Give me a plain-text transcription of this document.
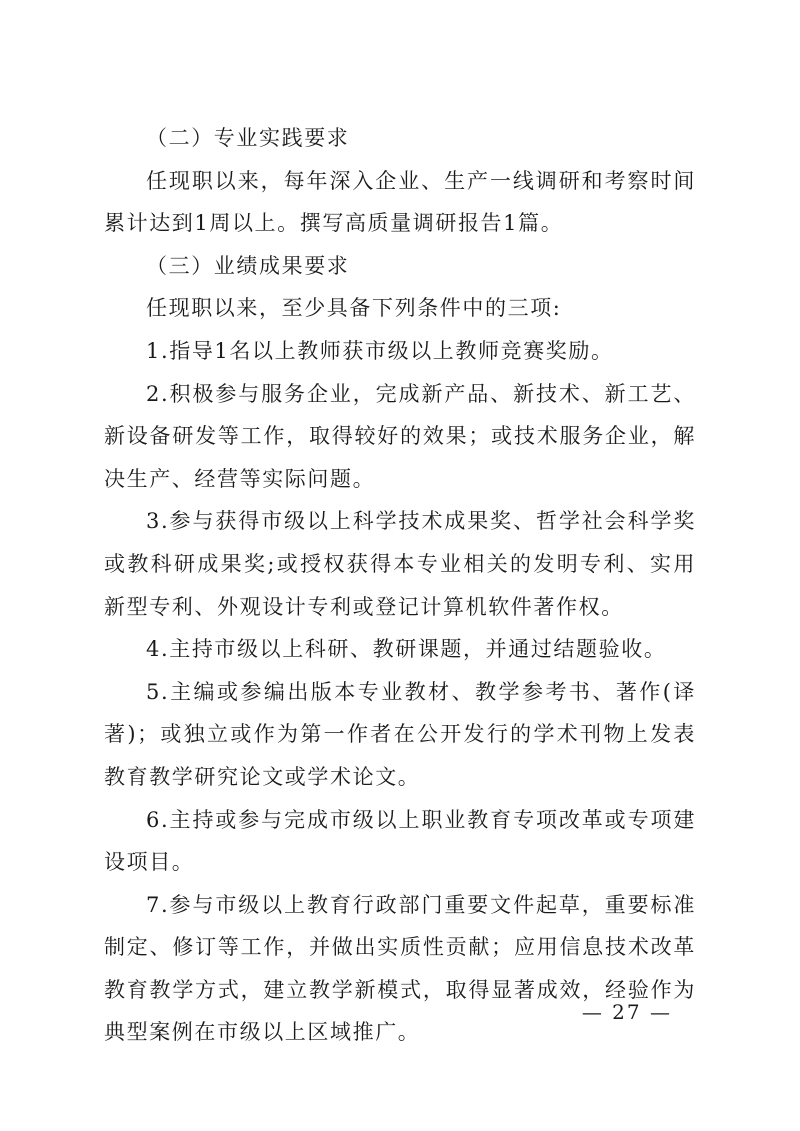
（二）专业实践要求

任现职以来，每年深入企业、生产一线调研和考察时间累计达到1周以上。撰写高质量调研报告1篇。

（三）业绩成果要求

任现职以来，至少具备下列条件中的三项:

1.指导1名以上教师获市级以上教师竞赛奖励。

2.积极参与服务企业，完成新产品、新技术、新工艺、新设备研发等工作，取得较好的效果；或技术服务企业，解决生产、经营等实际问题。

3.参与获得市级以上科学技术成果奖、哲学社会科学奖或教科研成果奖;或授权获得本专业相关的发明专利、实用新型专利、外观设计专利或登记计算机软件著作权。

4.主持市级以上科研、教研课题，并通过结题验收。

5.主编或参编出版本专业教材、教学参考书、著作(译著)；或独立或作为第一作者在公开发行的学术刊物上发表教育教学研究论文或学术论文。

6.主持或参与完成市级以上职业教育专项改革或专项建设项目。

7.参与市级以上教育行政部门重要文件起草，重要标准制定、修订等工作，并做出实质性贡献；应用信息技术改革教育教学方式，建立教学新模式，取得显著成效，经验作为典型案例在市级以上区域推广。

— 27 —
